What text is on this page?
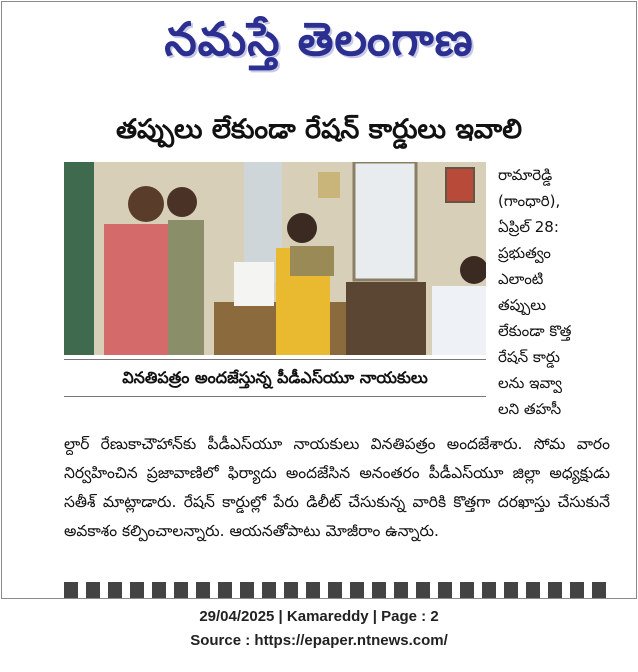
నమస్తే తెలంగాణ
తప్పులు లేకుండా రేషన్ కార్డులు ఇవాలి
వినతిపత్రం అందజేస్తున్న పీడీఎస్‌యూ నాయకులు
రామారెడ్డి
(గాంధారి),
ఏప్రిల్ 28:
ప్రభుత్వం
ఎలాంటి
తప్పులు
లేకుండా కొత్త
రేషన్ కార్డు
లను ఇవ్వా
లని తహసీ
ల్దార్ రేణుకాచౌహాన్‌కు పీడీఎస్‌యూ నాయకులు వినతిపత్రం అందజేశారు. సోమ వారం నిర్వహించిన ప్రజావాణిలో ఫిర్యాదు అందజేసిన అనంతరం పీడీఎస్‌యూ జిల్లా అధ్యక్షుడు సతీశ్ మాట్లాడారు. రేషన్ కార్డుల్లో పేరు డిలీట్ చేసుకున్న వారికి కొత్తగా దరఖాస్తు చేసుకునే అవకాశం కల్పించాలన్నారు. ఆయనతోపాటు మోజీరాం ఉన్నారు.
29/04/2025 | Kamareddy | Page : 2
Source : https://epaper.ntnews.com/
